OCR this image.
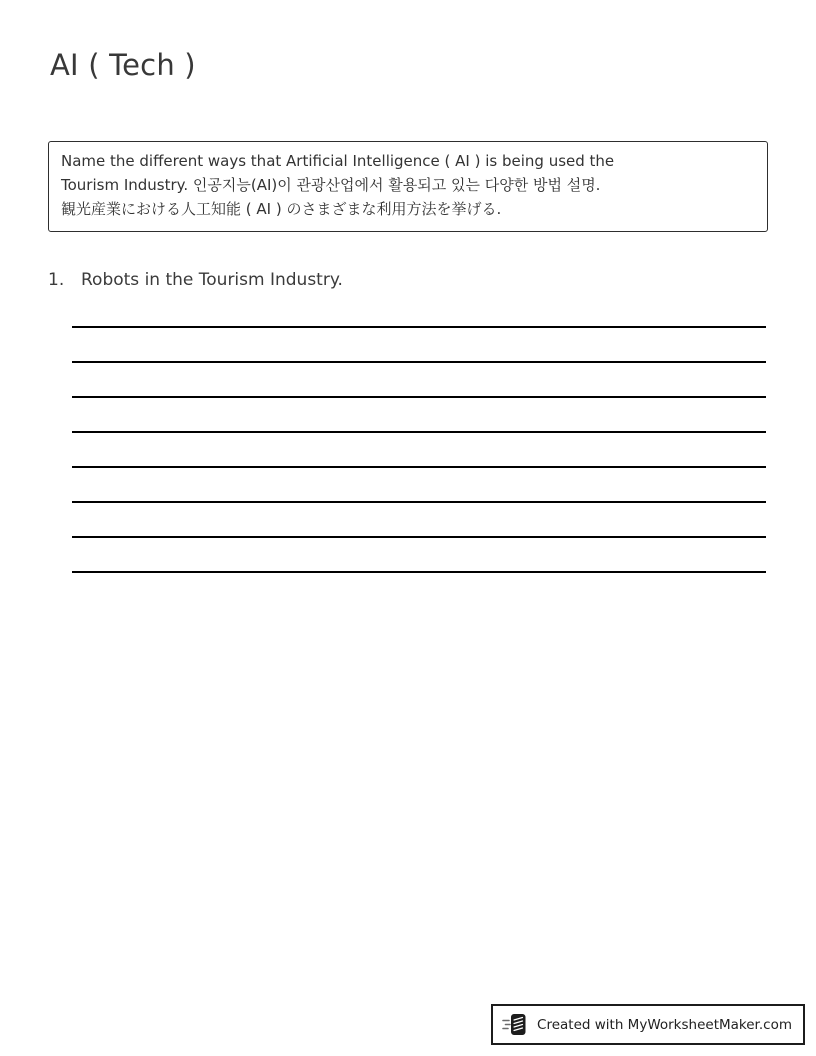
AI ( Tech )

Name the different ways that Artificial Intelligence ( AI ) is being used the

Tourism Industry. 인공지능(AI)이 관광산업에서 활용되고 있는 다양한 방법 설명.

観光産業における人工知能 ( AI ) のさまざまな利用方法を挙げる.

1. Robots in the Tourism Industry.
Created with MyWorksheetMaker.com
